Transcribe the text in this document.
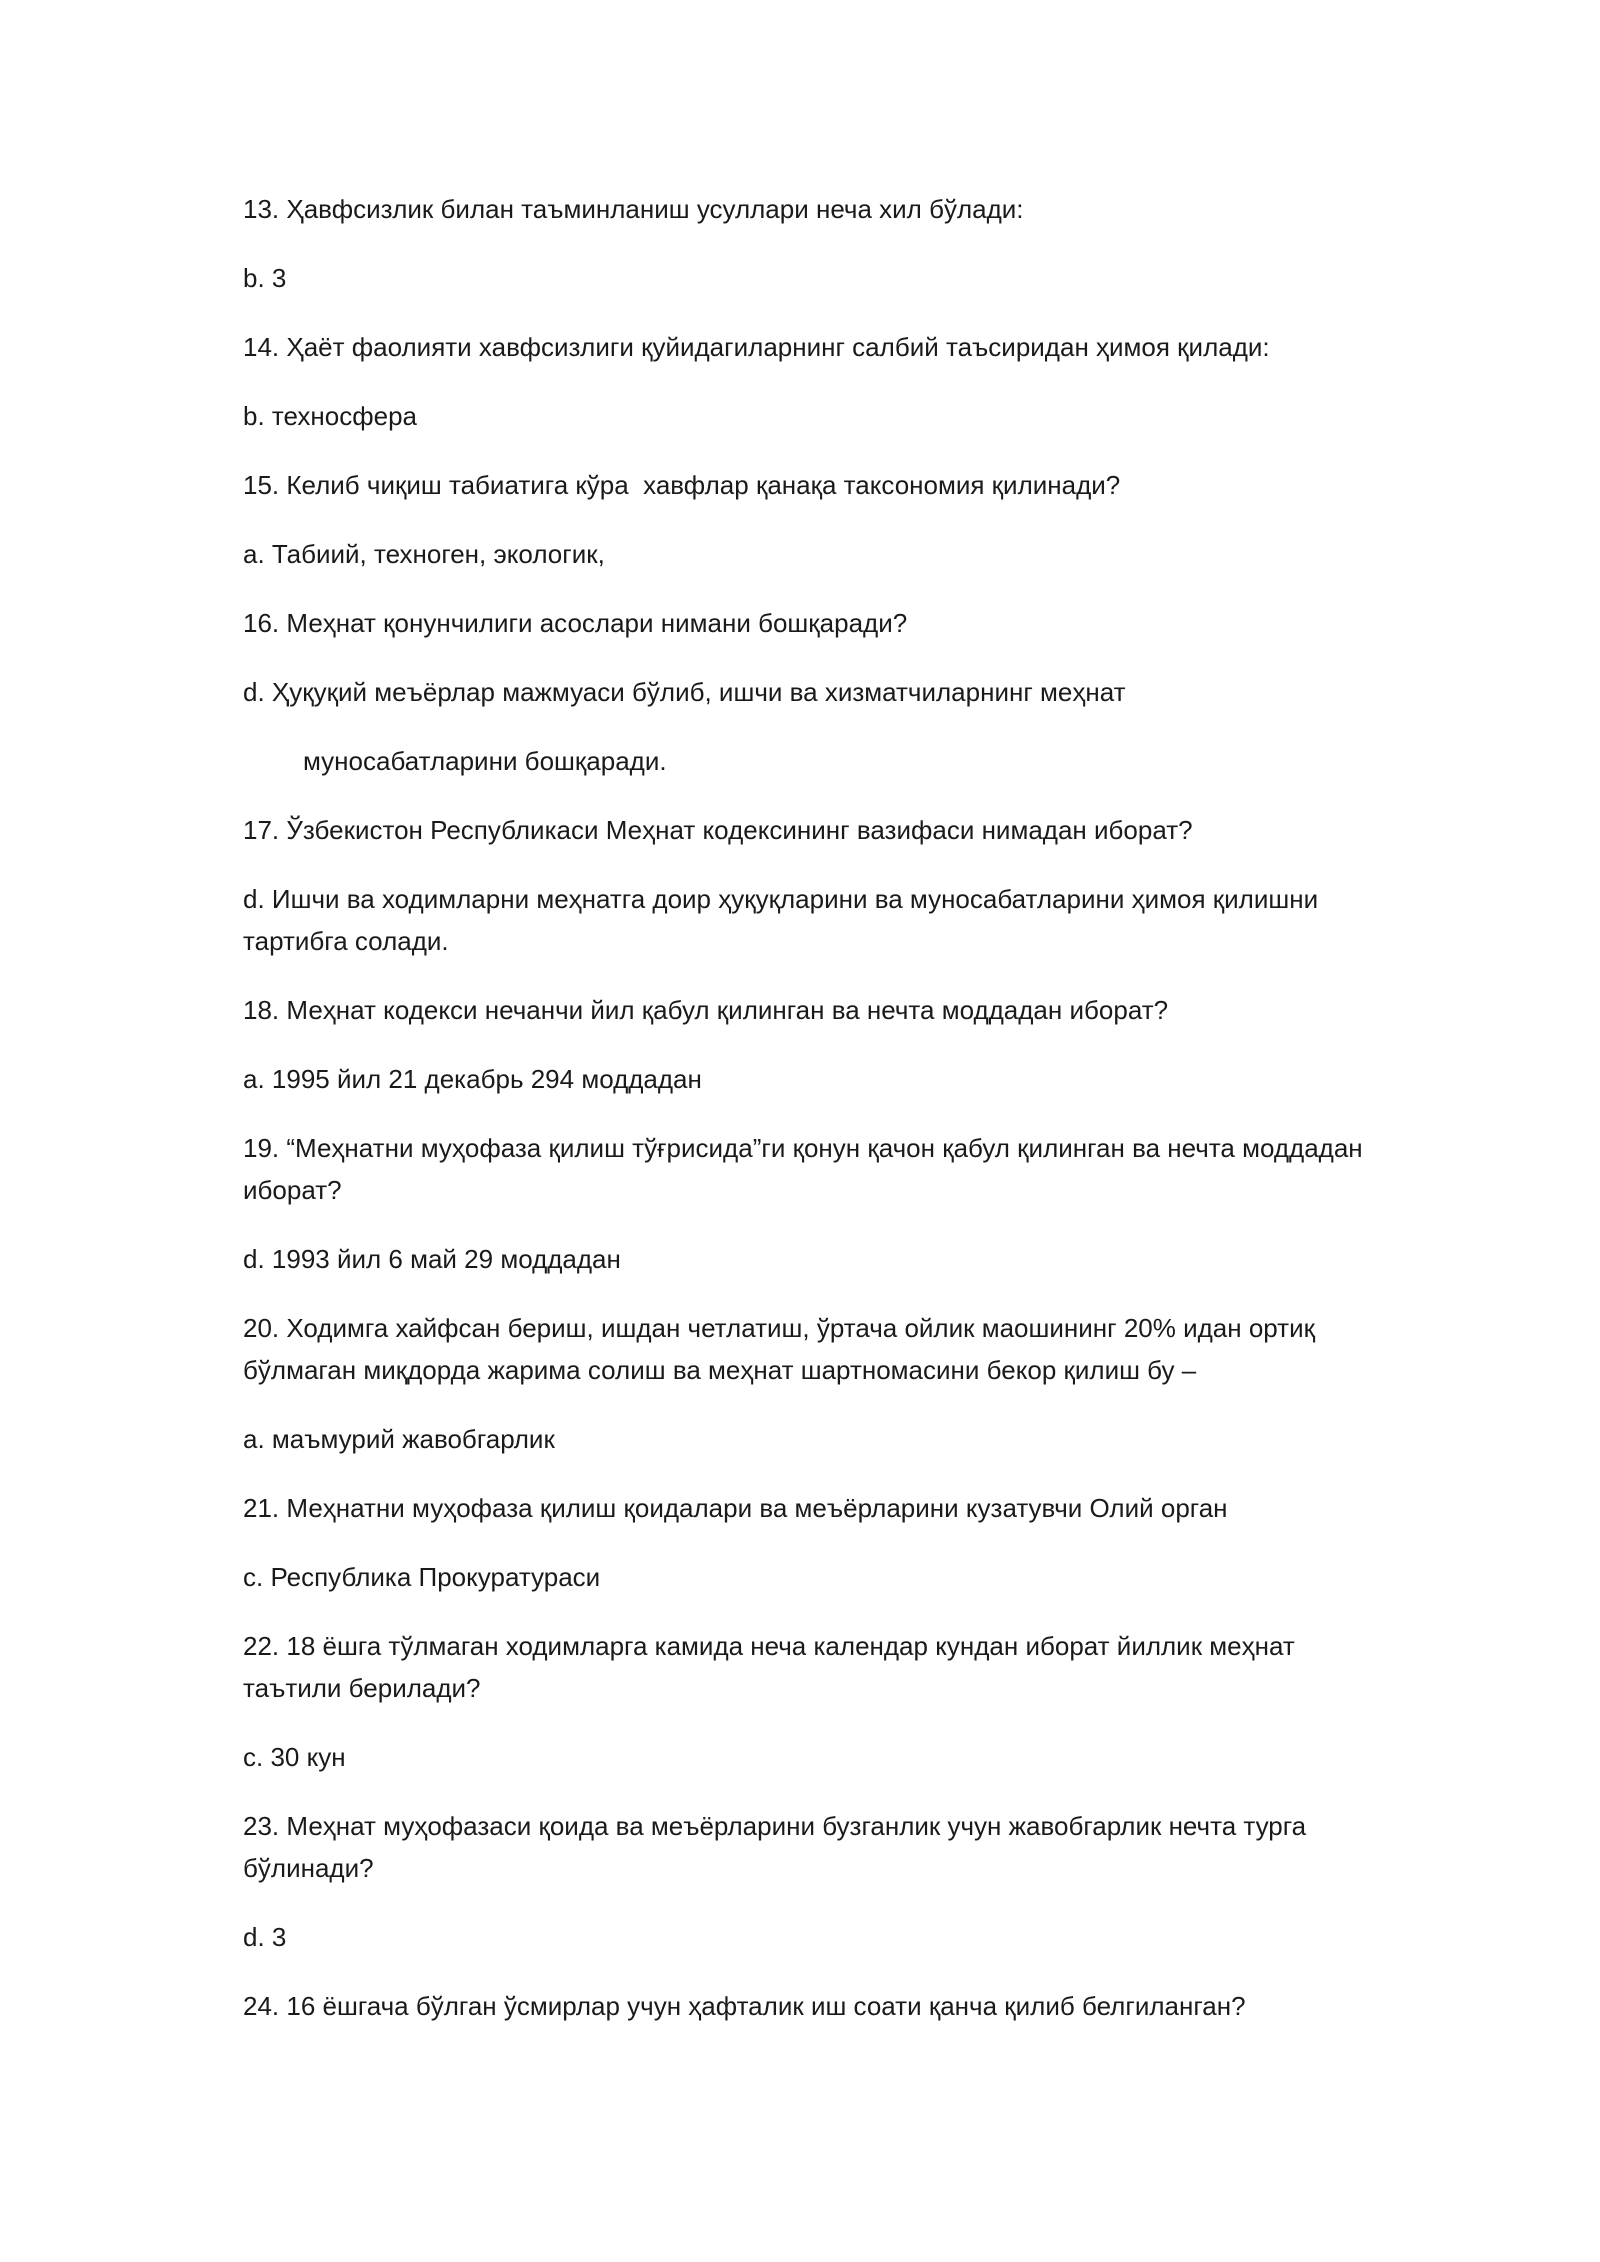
13. Ҳавфсизлик билан таъминланиш усуллари неча хил бўлади:

b. 3

14. Ҳаёт фаолияти хавфсизлиги қуйидагиларнинг салбий таъсиридан ҳимоя қилади:

b. техносфера

15. Келиб чиқиш табиатига кўра  хавфлар қанақа таксономия қилинади?

a. Табиий, техноген, экологик,

16. Меҳнат қонунчилиги асослари нимани бошқаради?

d. Ҳуқуқий меъёрлар мажмуаси бўлиб, ишчи ва хизматчиларнинг меҳнат

муносабатларини бошқаради.

17. Ўзбекистон Республикаси Меҳнат кодексининг вазифаси нимадан иборат?

d. Ишчи ва ходимларни меҳнатга доир ҳуқуқларини ва муносабатларини ҳимоя қилишни   тартибга солади.

18. Меҳнат кодекси нечанчи йил қабул қилинган ва нечта моддадан иборат?

a. 1995 йил 21 декабрь 294 моддадан

19. “Меҳнатни муҳофаза қилиш тўғрисида”ги қонун қачон қабул қилинган ва нечта моддадан иборат?

d. 1993 йил 6 май 29 моддадан

20. Ходимга хайфсан бериш, ишдан четлатиш, ўртача ойлик маошининг 20% идан ортиқ бўлмаган миқдорда жарима солиш ва меҳнат шартномасини бекор қилиш бу –

a. маъмурий жавобгарлик

21. Меҳнатни муҳофаза қилиш қоидалари ва меъёрларини кузатувчи Олий орган

c. Республика Прокуратураси

22. 18 ёшга тўлмаган ходимларга камида неча календар кундан иборат йиллик меҳнат таътили берилади?

c. 30 кун

23. Меҳнат муҳофазаси қоида ва меъёрларини бузганлик учун жавобгарлик нечта турга бўлинади?

d. 3

24. 16 ёшгача бўлган ўсмирлар учун ҳафталик иш соати қанча қилиб белгиланган?
